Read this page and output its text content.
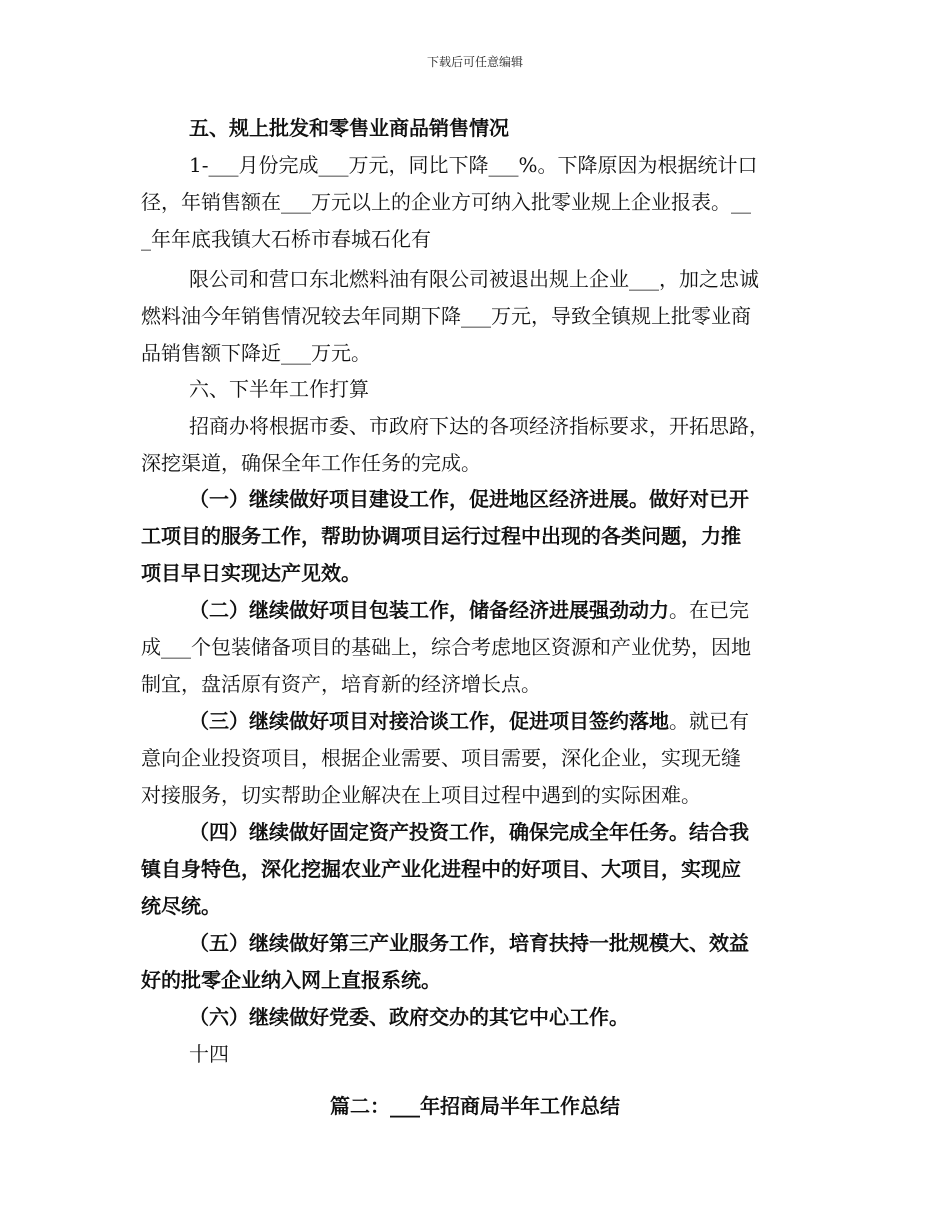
下载后可任意编辑
五、规上批发和零售业商品销售情况
1-___月份完成___万元，同比下降___%。下降原因为根据统计口
径，年销售额在___万元以上的企业方可纳入批零业规上企业报表。__
_年年底我镇大石桥市春城石化有
限公司和营口东北燃料油有限公司被退出规上企业___，加之忠诚
燃料油今年销售情况较去年同期下降___万元，导致全镇规上批零业商
品销售额下降近___万元。
六、下半年工作打算
招商办将根据市委、市政府下达的各项经济指标要求，开拓思路，
深挖渠道，确保全年工作任务的完成。
（一）继续做好项目建设工作，促进地区经济进展。做好对已开
工项目的服务工作，帮助协调项目运行过程中出现的各类问题，力推
项目早日实现达产见效。
（二）继续做好项目包装工作，储备经济进展强劲动力。在已完
成___个包装储备项目的基础上，综合考虑地区资源和产业优势，因地
制宜，盘活原有资产，培育新的经济增长点。
（三）继续做好项目对接洽谈工作，促进项目签约落地。就已有
意向企业投资项目，根据企业需要、项目需要，深化企业，实现无缝
对接服务，切实帮助企业解决在上项目过程中遇到的实际困难。
（四）继续做好固定资产投资工作，确保完成全年任务。结合我
镇自身特色，深化挖掘农业产业化进程中的好项目、大项目，实现应
统尽统。
（五）继续做好第三产业服务工作，培育扶持一批规模大、效益
好的批零企业纳入网上直报系统。
（六）继续做好党委、政府交办的其它中心工作。
十四
篇二：___年招商局半年工作总结
